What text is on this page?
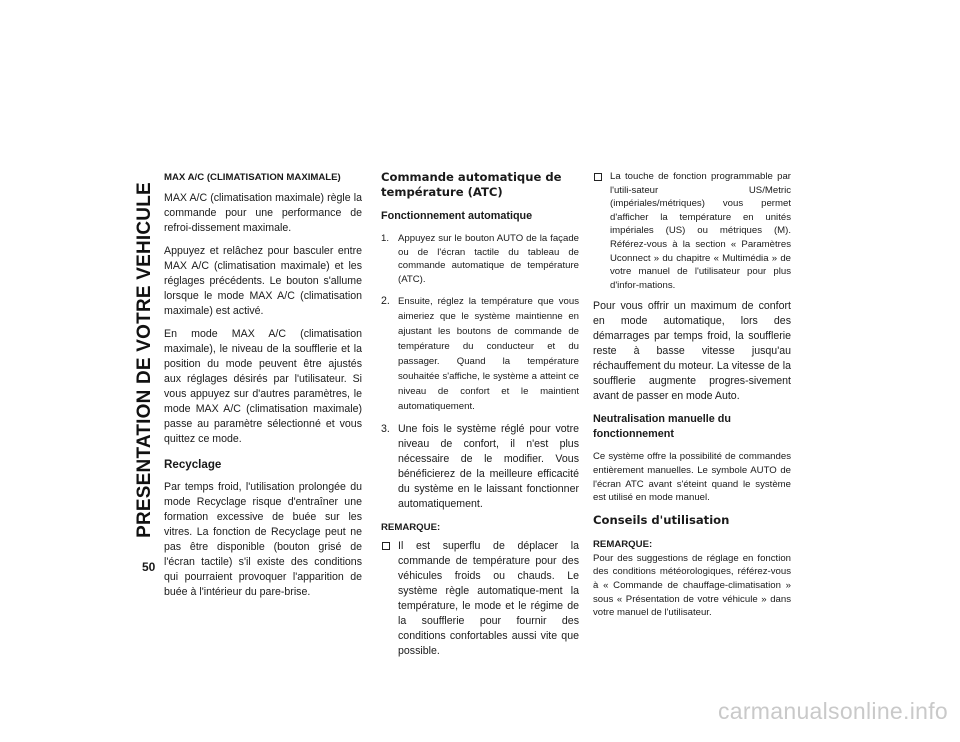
PRESENTATION DE VOTRE VEHICULE
50
MAX A/C (CLIMATISATION MAXIMALE)

MAX A/C (climatisation maximale) règle la commande pour une performance de refroi-dissement maximale.

Appuyez et relâchez pour basculer entre MAX A/C (climatisation maximale) et les réglages précédents. Le bouton s'allume lorsque le mode MAX A/C (climatisation maximale) est activé.

En mode MAX A/C (climatisation maximale), le niveau de la soufflerie et la position du mode peuvent être ajustés aux réglages désirés par l'utilisateur. Si vous appuyez sur d'autres paramètres, le mode MAX A/C (climatisation maximale) passe au paramètre sélectionné et vous quittez ce mode.

Recyclage

Par temps froid, l'utilisation prolongée du mode Recyclage risque d'entraîner une formation excessive de buée sur les vitres. La fonction de Recyclage peut ne pas être disponible (bouton grisé de l'écran tactile) s'il existe des conditions qui pourraient provoquer l'apparition de buée à l'intérieur du pare-brise.

Commande automatique de température (ATC)
Fonctionnement automatique
1. Appuyez sur le bouton AUTO de la façade ou de l'écran tactile du tableau de commande automatique de température (ATC).
2. Ensuite, réglez la température que vous aimeriez que le système maintienne en ajustant les boutons de commande de température du conducteur et du passager. Quand la température souhaitée s'affiche, le système a atteint ce niveau de confort et le maintient automatiquement.
3. Une fois le système réglé pour votre niveau de confort, il n'est plus nécessaire de le modifier. Vous bénéficierez de la meilleure efficacité du système en le laissant fonctionner automatiquement.
REMARQUE:
Il est superflu de déplacer la commande de température pour des véhicules froids ou chauds. Le système règle automatique-ment la température, le mode et le régime de la soufflerie pour fournir des conditions confortables aussi vite que possible.
La touche de fonction programmable par l'utili-sateur US/Metric (impériales/métriques) vous permet d'afficher la température en unités impériales (US) ou métriques (M). Référez-vous à la section « Paramètres Uconnect » du chapitre « Multimédia » de votre manuel de l'utilisateur pour plus d'infor-mations.

Pour vous offrir un maximum de confort en mode automatique, lors des démarrages par temps froid, la soufflerie reste à basse vitesse jusqu'au réchauffement du moteur. La vitesse de la soufflerie augmente progres-sivement avant de passer en mode Auto.

Neutralisation manuelle du fonctionnement

Ce système offre la possibilité de commandes entièrement manuelles. Le symbole AUTO de l'écran ATC avant s'éteint quand le système est utilisé en mode manuel.

Conseils d'utilisation
REMARQUE:

Pour des suggestions de réglage en fonction des conditions météorologiques, référez-vous à « Commande de chauffage-climatisation » sous « Présentation de votre véhicule » dans votre manuel de l'utilisateur.

carmanualsonline.info
